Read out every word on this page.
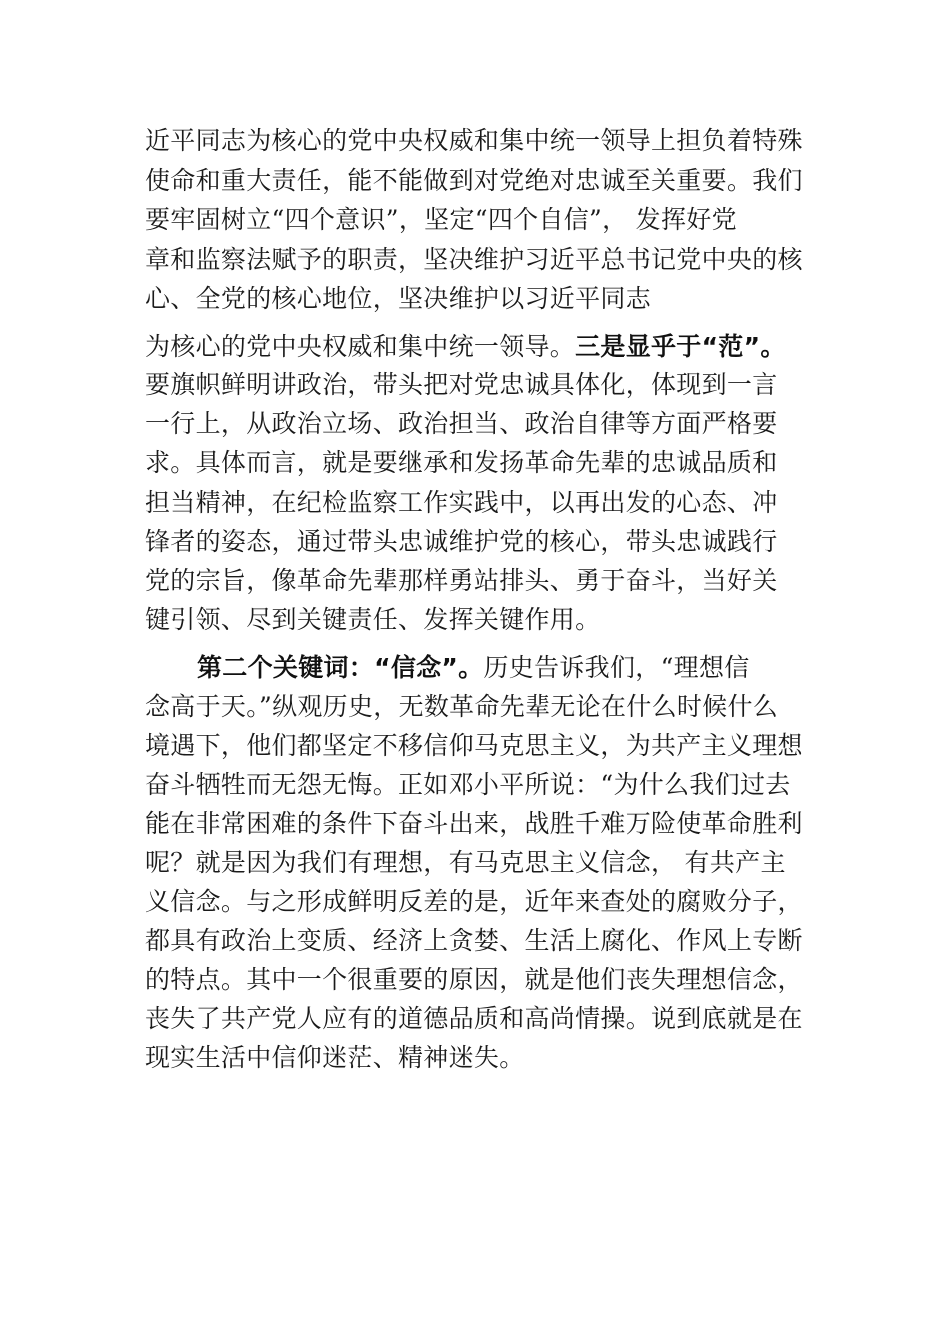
近平同志为核心的党中央权威和集中统一领导上担负着特殊
使命和重大责任，能不能做到对党绝对忠诚至关重要。我们
要牢固树立“四个意识”，坚定“四个自信”， 发挥好党
章和监察法赋予的职责，坚决维护习近平总书记党中央的核
心、全党的核心地位，坚决维护以习近平同志
为核心的党中央权威和集中统一领导。三是显乎于“范”。
要旗帜鲜明讲政治，带头把对党忠诚具体化，体现到一言
一行上，从政治立场、政治担当、政治自律等方面严格要
求。具体而言，就是要继承和发扬革命先辈的忠诚品质和
担当精神，在纪检监察工作实践中，以再出发的心态、冲
锋者的姿态，通过带头忠诚维护党的核心，带头忠诚践行
党的宗旨，像革命先辈那样勇站排头、勇于奋斗，当好关
键引领、尽到关键责任、发挥关键作用。
第二个关键词：“信念”。历史告诉我们，“理想信
念高于天。”纵观历史，无数革命先辈无论在什么时候什么
境遇下，他们都坚定不移信仰马克思主义，为共产主义理想
奋斗牺牲而无怨无悔。正如邓小平所说：“为什么我们过去
能在非常困难的条件下奋斗出来，战胜千难万险使革命胜利
呢？就是因为我们有理想，有马克思主义信念， 有共产主
义信念。与之形成鲜明反差的是，近年来查处的腐败分子，
都具有政治上变质、经济上贪婪、生活上腐化、作风上专断
的特点。其中一个很重要的原因，就是他们丧失理想信念，
丧失了共产党人应有的道德品质和高尚情操。说到底就是在
现实生活中信仰迷茫、精神迷失。
